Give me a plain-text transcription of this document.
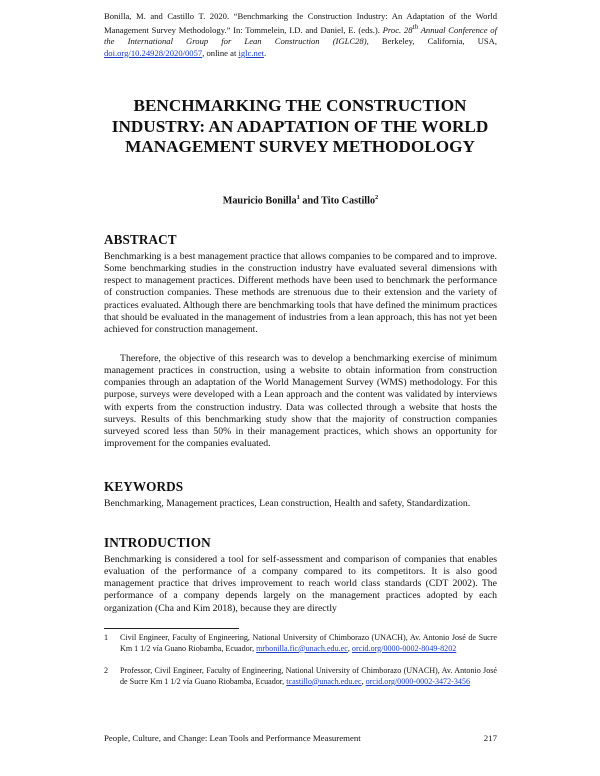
Bonilla, M. and Castillo T. 2020. “Benchmarking the Construction Industry: An Adaptation of the World Management Survey Methodology.” In: Tommelein, I.D. and Daniel, E. (eds.). Proc. 28th Annual Conference of the International Group for Lean Construction (IGLC28), Berkeley, California, USA, doi.org/10.24928/2020/0057, online at iglc.net.

BENCHMARKING THE CONSTRUCTION INDUSTRY: AN ADAPTATION OF THE WORLD MANAGEMENT SURVEY METHODOLOGY

Mauricio Bonilla$^1$ and Tito Castillo$^2$

ABSTRACT

Benchmarking is a best management practice that allows companies to be compared and to improve. Some benchmarking studies in the construction industry have evaluated several dimensions with respect to management practices. Different methods have been used to benchmark the performance of construction companies. These methods are strenuous due to their extension and the variety of practices evaluated. Although there are benchmarking tools that have defined the minimum practices that should be evaluated in the management of industries from a lean approach, this has not yet been achieved for construction management.

Therefore, the objective of this research was to develop a benchmarking exercise of minimum management practices in construction, using a website to obtain information from construction companies through an adaptation of the World Management Survey (WMS) methodology. For this purpose, surveys were developed with a Lean approach and the content was validated by interviews with experts from the construction industry. Data was collected through a website that hosts the surveys. Results of this benchmarking study show that the majority of construction companies surveyed scored less than 50% in their management practices, which shows an opportunity for improvement for the companies evaluated.

KEYWORDS

Benchmarking, Management practices, Lean construction, Health and safety, Standardization.

INTRODUCTION

Benchmarking is considered a tool for self-assessment and comparison of companies that enables evaluation of the performance of a company compared to its competitors. It is also good management practice that drives improvement to reach world class standards (CDT 2002). The performance of a company depends largely on the management practices adopted by each organization (Cha and Kim 2018), because they are directly

1 Civil Engineer, Faculty of Engineering, National University of Chimborazo (UNACH), Av. Antonio José de Sucre Km 1 1/2 vía Guano Riobamba, Ecuador, mrbonilla.fic@unach.edu.ec, orcid.org/0000-0002-8049-8202
2 Professor, Civil Engineer, Faculty of Engineering, National University of Chimborazo (UNACH), Av. Antonio José de Sucre Km 1 1/2 vía Guano Riobamba, Ecuador, tcastillo@unach.edu.ec, orcid.org/0000-0002-3472-3456

People, Culture, and Change: Lean Tools and Performance Measurement	217
